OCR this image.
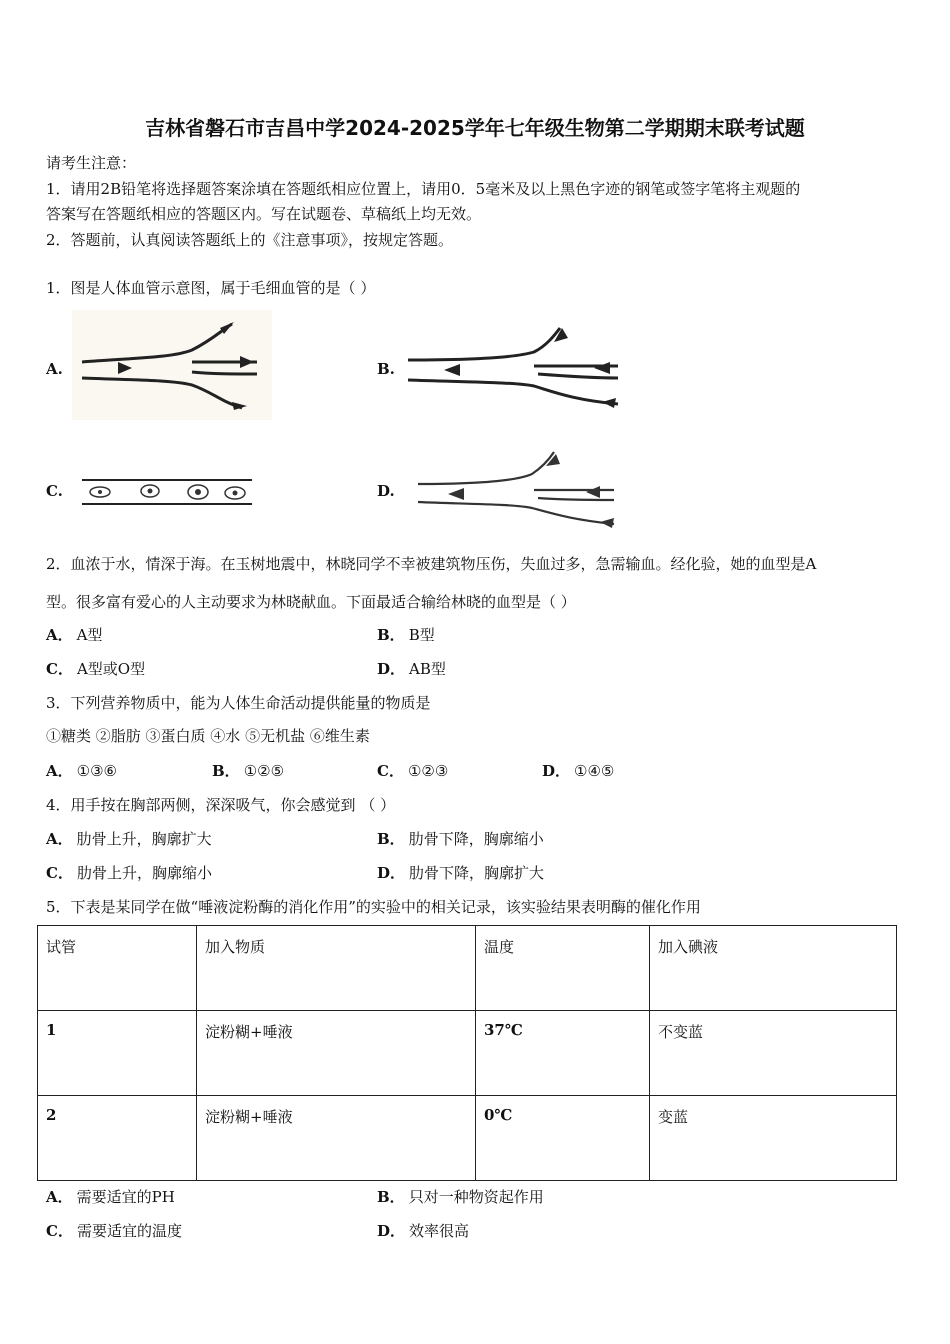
吉林省磐石市吉昌中学2024-2025学年七年级生物第二学期期末联考试题
请考生注意：
1．请用2B铅笔将选择题答案涂填在答题纸相应位置上，请用0．5毫米及以上黑色字迹的钢笔或签字笔将主观题的
答案写在答题纸相应的答题区内。写在试题卷、草稿纸上均无效。
2．答题前，认真阅读答题纸上的《注意事项》，按规定答题。
1．图是人体血管示意图，属于毛细血管的是（ ）
A.	B.
C.	D.
2．血浓于水，情深于海。在玉树地震中，林晓同学不幸被建筑物压伤，失血过多，急需输血。经化验，她的血型是A
型。很多富有爱心的人主动要求为林晓献血。下面最适合输给林晓的血型是（ ）
A． A型	B． B型
C． A型或O型	D． AB型
3．下列营养物质中，能为人体生命活动提供能量的物质是
①糖类 ②脂肪 ③蛋白质 ④水 ⑤无机盐 ⑥维生素
A． ①③⑥	B． ①②⑤	C． ①②③	D． ①④⑤
4．用手按在胸部两侧，深深吸气，你会感觉到 （ ）
A． 肋骨上升，胸廓扩大	B． 肋骨下降，胸廓缩小
C． 肋骨上升，胸廓缩小	D． 肋骨下降，胸廓扩大
5．下表是某同学在做“唾液淀粉酶的消化作用”的实验中的相关记录，该实验结果表明酶的催化作用
试管	加入物质	温度	加入碘液
1	淀粉糊+唾液	37℃	不变蓝
2	淀粉糊+唾液	0℃	变蓝
A． 需要适宜的PH	B． 只对一种物资起作用
C． 需要适宜的温度	D． 效率很高
